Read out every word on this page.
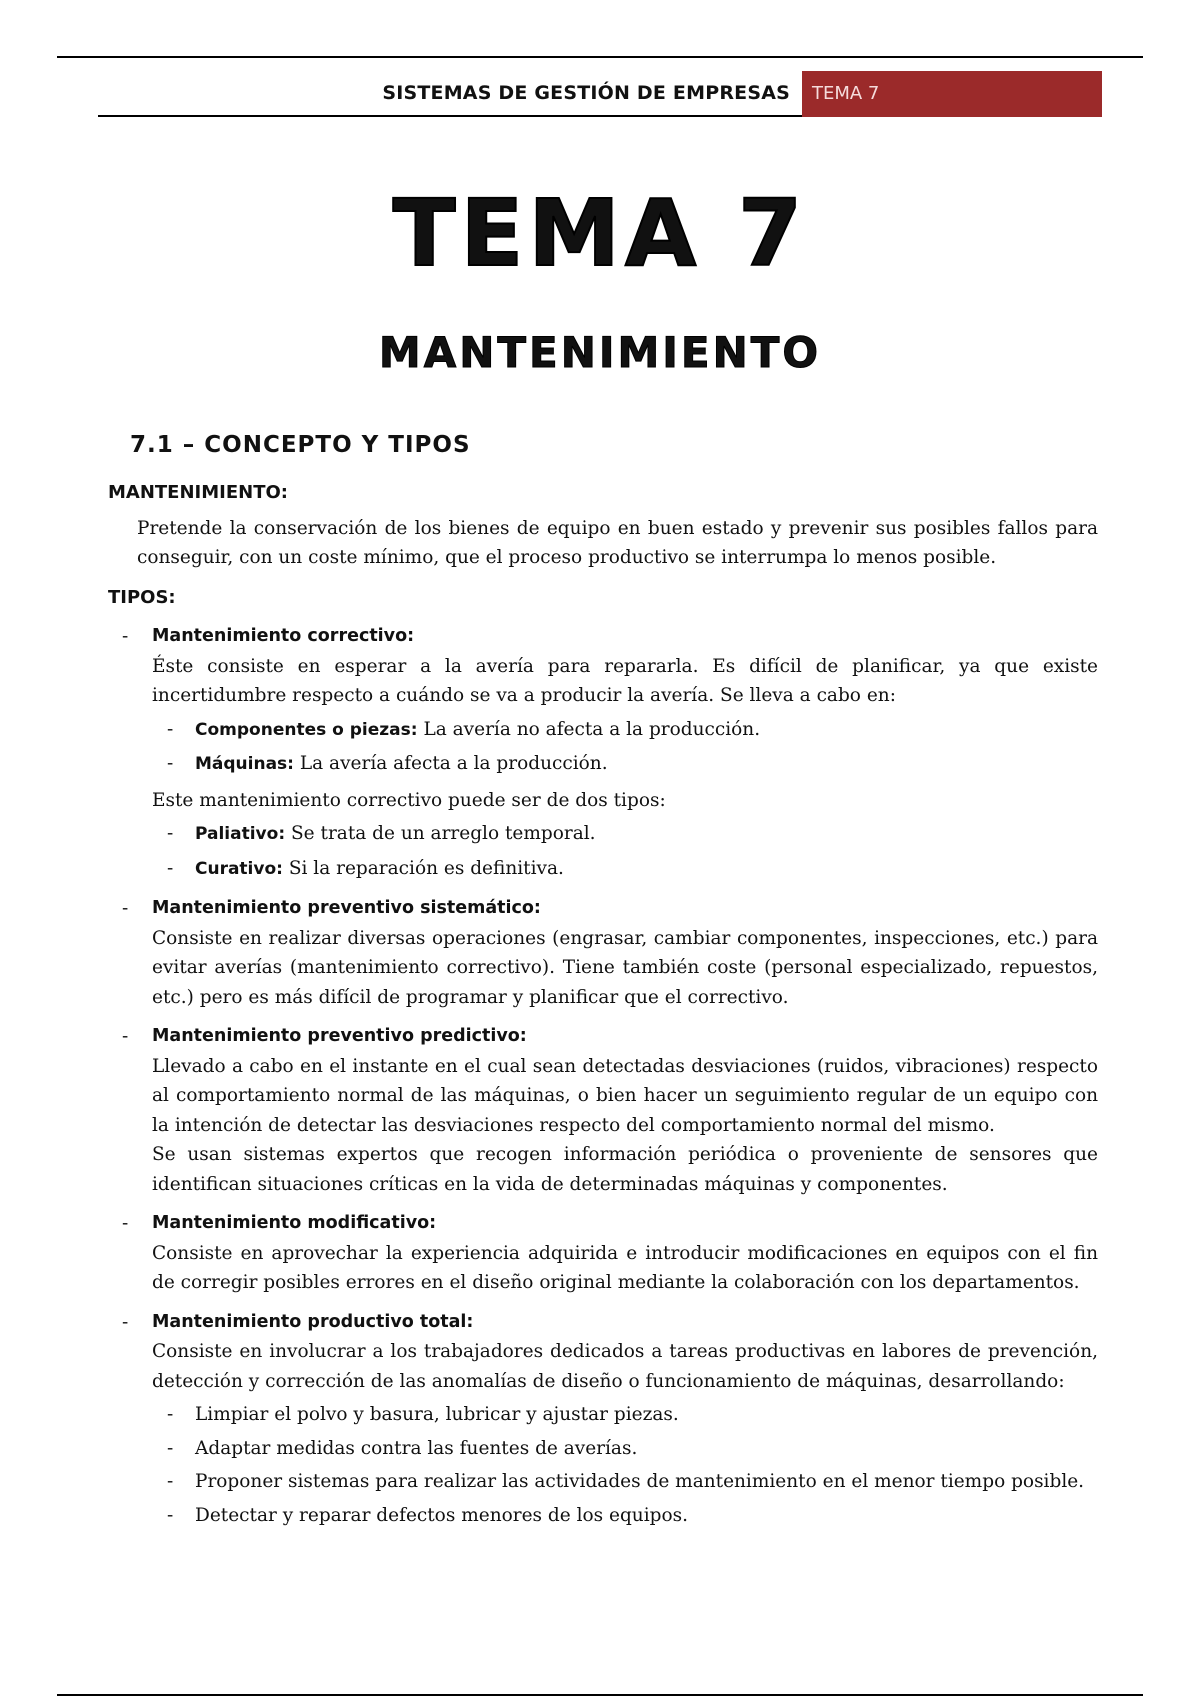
SISTEMAS DE GESTIÓN DE EMPRESAS	TEMA 7
TEMA 7
MANTENIMIENTO
7.1 – CONCEPTO Y TIPOS
MANTENIMIENTO:
Pretende la conservación de los bienes de equipo en buen estado y prevenir sus posibles fallos para conseguir, con un coste mínimo, que el proceso productivo se interrumpa lo menos posible.
TIPOS:
- Mantenimiento correctivo:
Éste consiste en esperar a la avería para repararla. Es difícil de planificar, ya que existe incertidumbre respecto a cuándo se va a producir la avería. Se lleva a cabo en:
- Componentes o piezas: La avería no afecta a la producción.
- Máquinas: La avería afecta a la producción.
Este mantenimiento correctivo puede ser de dos tipos:
- Paliativo: Se trata de un arreglo temporal.
- Curativo: Si la reparación es definitiva.
- Mantenimiento preventivo sistemático:
Consiste en realizar diversas operaciones (engrasar, cambiar componentes, inspecciones, etc.) para evitar averías (mantenimiento correctivo). Tiene también coste (personal especializado, repuestos, etc.) pero es más difícil de programar y planificar que el correctivo.
- Mantenimiento preventivo predictivo:
Llevado a cabo en el instante en el cual sean detectadas desviaciones (ruidos, vibraciones) respecto al comportamiento normal de las máquinas, o bien hacer un seguimiento regular de un equipo con la intención de detectar las desviaciones respecto del comportamiento normal del mismo.
Se usan sistemas expertos que recogen información periódica o proveniente de sensores que identifican situaciones críticas en la vida de determinadas máquinas y componentes.
- Mantenimiento modificativo:
Consiste en aprovechar la experiencia adquirida e introducir modificaciones en equipos con el fin de corregir posibles errores en el diseño original mediante la colaboración con los departamentos.
- Mantenimiento productivo total:
Consiste en involucrar a los trabajadores dedicados a tareas productivas en labores de prevención, detección y corrección de las anomalías de diseño o funcionamiento de máquinas, desarrollando:
- Limpiar el polvo y basura, lubricar y ajustar piezas.
- Adaptar medidas contra las fuentes de averías.
- Proponer sistemas para realizar las actividades de mantenimiento en el menor tiempo posible.
- Detectar y reparar defectos menores de los equipos.
